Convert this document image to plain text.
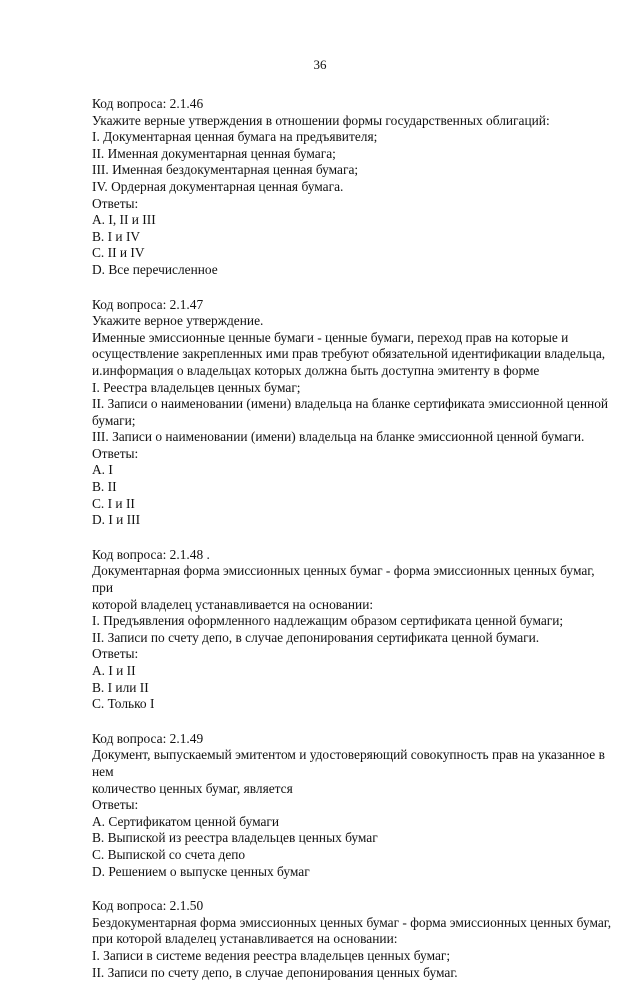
36
Код вопроса: 2.1.46
Укажите верные утверждения в отношении формы государственных облигаций:
I. Документарная ценная бумага на предъявителя;
II. Именная документарная ценная бумага;
III. Именная бездокументарная ценная бумага;
IV. Ордерная документарная ценная бумага.
Ответы:
A. I, II и III
B. I и IV
C. II и IV
D. Все перечисленное
Код вопроса: 2.1.47
Укажите верное утверждение.
Именные эмиссионные ценные бумаги - ценные бумаги, переход прав на которые и
осуществление закрепленных ими прав требуют обязательной идентификации владельца,
и.информация о владельцах которых должна быть доступна эмитенту в форме
I. Реестра владельцев ценных бумаг;
II. Записи о наименовании (имени) владельца на бланке сертификата эмиссионной ценной
бумаги;
III. Записи о наименовании (имени) владельца на бланке эмиссионной ценной бумаги.
Ответы:
A. I
B. II
C. I и II
D. I и III
Код вопроса: 2.1.48 .
Документарная форма эмиссионных ценных бумаг - форма эмиссионных ценных бумаг, при
которой владелец устанавливается на основании:
I. Предъявления оформленного надлежащим образом сертификата ценной бумаги;
II. Записи по счету депо, в случае депонирования сертификата ценной бумаги.
Ответы:
A. I и II
B. I или II
C. Только I
Код вопроса: 2.1.49
Документ, выпускаемый эмитентом и удостоверяющий совокупность прав на указанное в нем
количество ценных бумаг, является
Ответы:
A. Сертификатом ценной бумаги
B. Выпиской из реестра владельцев ценных бумаг
C. Выпиской со счета депо
D. Решением о выпуске ценных бумаг
Код вопроса: 2.1.50
Бездокументарная форма эмиссионных ценных бумаг - форма эмиссионных ценных бумаг,
при которой владелец устанавливается на основании:
I. Записи в системе ведения реестра владельцев ценных бумаг;
II. Записи по счету депо, в случае депонирования ценных бумаг.
